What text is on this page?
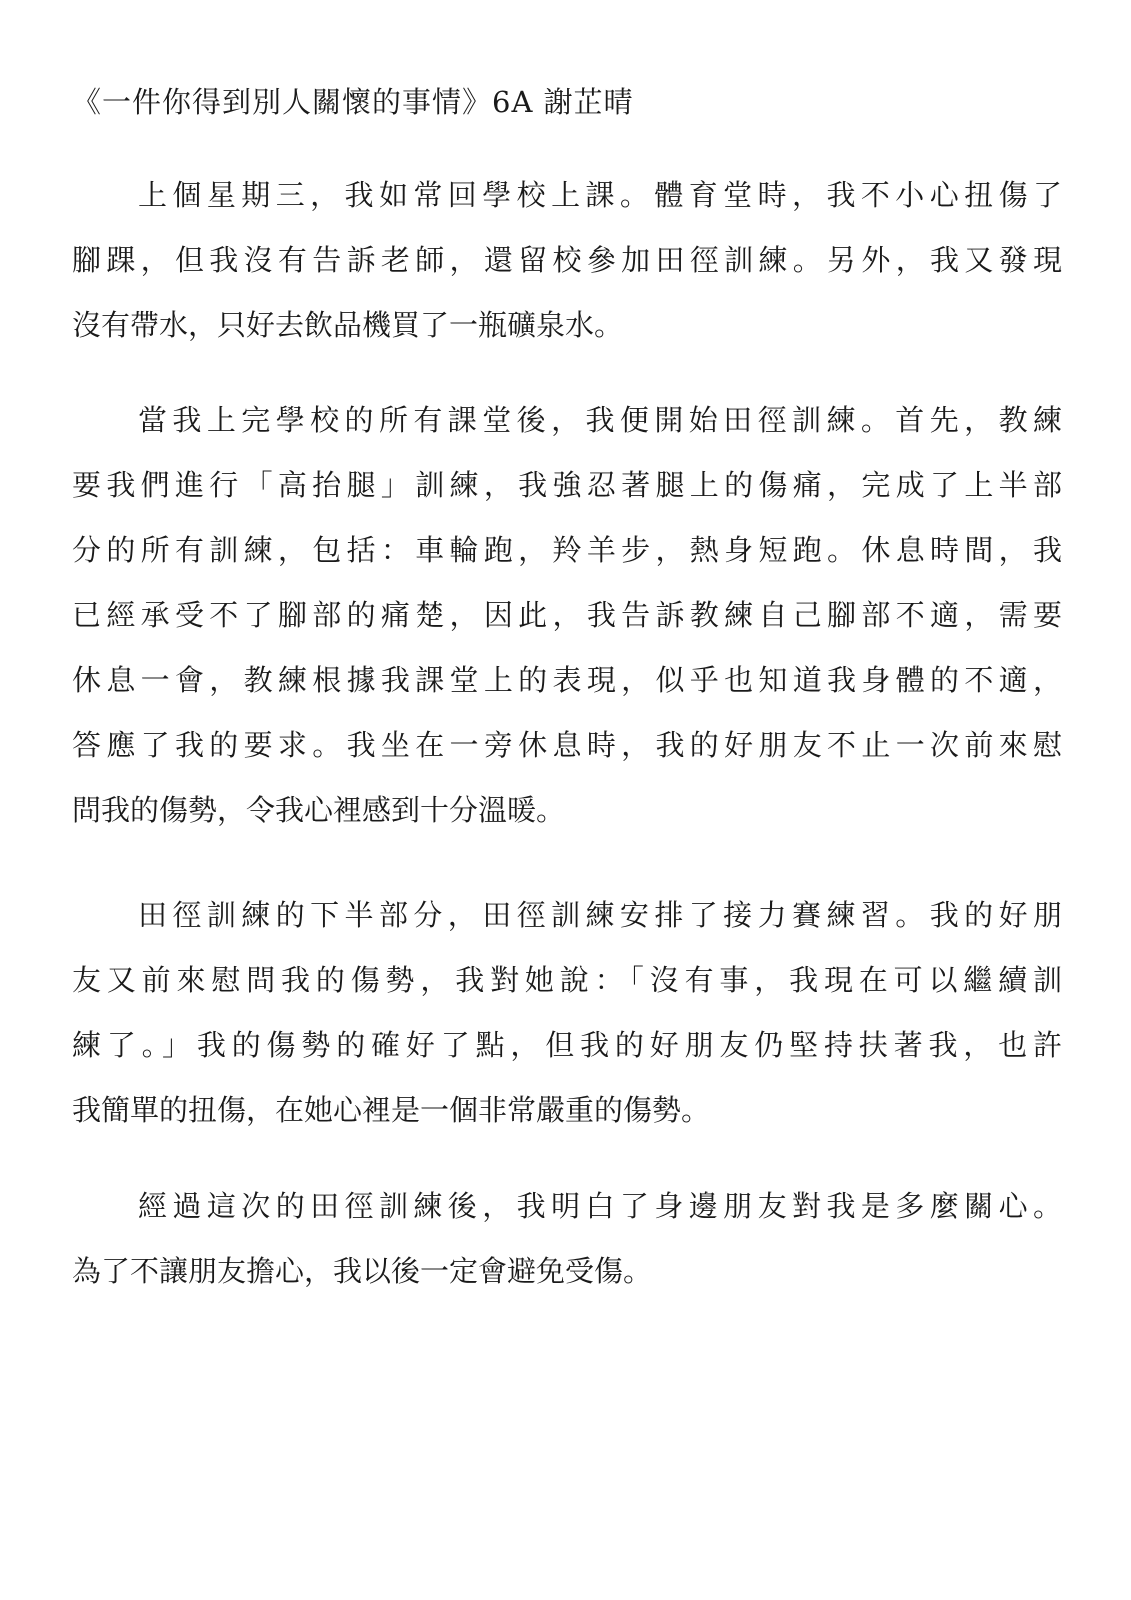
《一件你得到別人關懷的事情》6A 謝芷晴
上個星期三，我如常回學校上課。體育堂時，我不小心扭傷了
腳踝，但我沒有告訴老師，還留校參加田徑訓練。另外，我又發現
沒有帶水，只好去飲品機買了一瓶礦泉水。
當我上完學校的所有課堂後，我便開始田徑訓練。首先，教練
要我們進行「高抬腿」訓練，我強忍著腿上的傷痛，完成了上半部
分的所有訓練，包括：車輪跑，羚羊步，熱身短跑。休息時間，我
已經承受不了腳部的痛楚，因此，我告訴教練自己腳部不適，需要
休息一會，教練根據我課堂上的表現，似乎也知道我身體的不適，
答應了我的要求。我坐在一旁休息時，我的好朋友不止一次前來慰
問我的傷勢，令我心裡感到十分溫暖。
田徑訓練的下半部分，田徑訓練安排了接力賽練習。我的好朋
友又前來慰問我的傷勢，我對她說：「沒有事，我現在可以繼續訓
練了。」我的傷勢的確好了點，但我的好朋友仍堅持扶著我，也許
我簡單的扭傷，在她心裡是一個非常嚴重的傷勢。
經過這次的田徑訓練後，我明白了身邊朋友對我是多麼關心。
為了不讓朋友擔心，我以後一定會避免受傷。
